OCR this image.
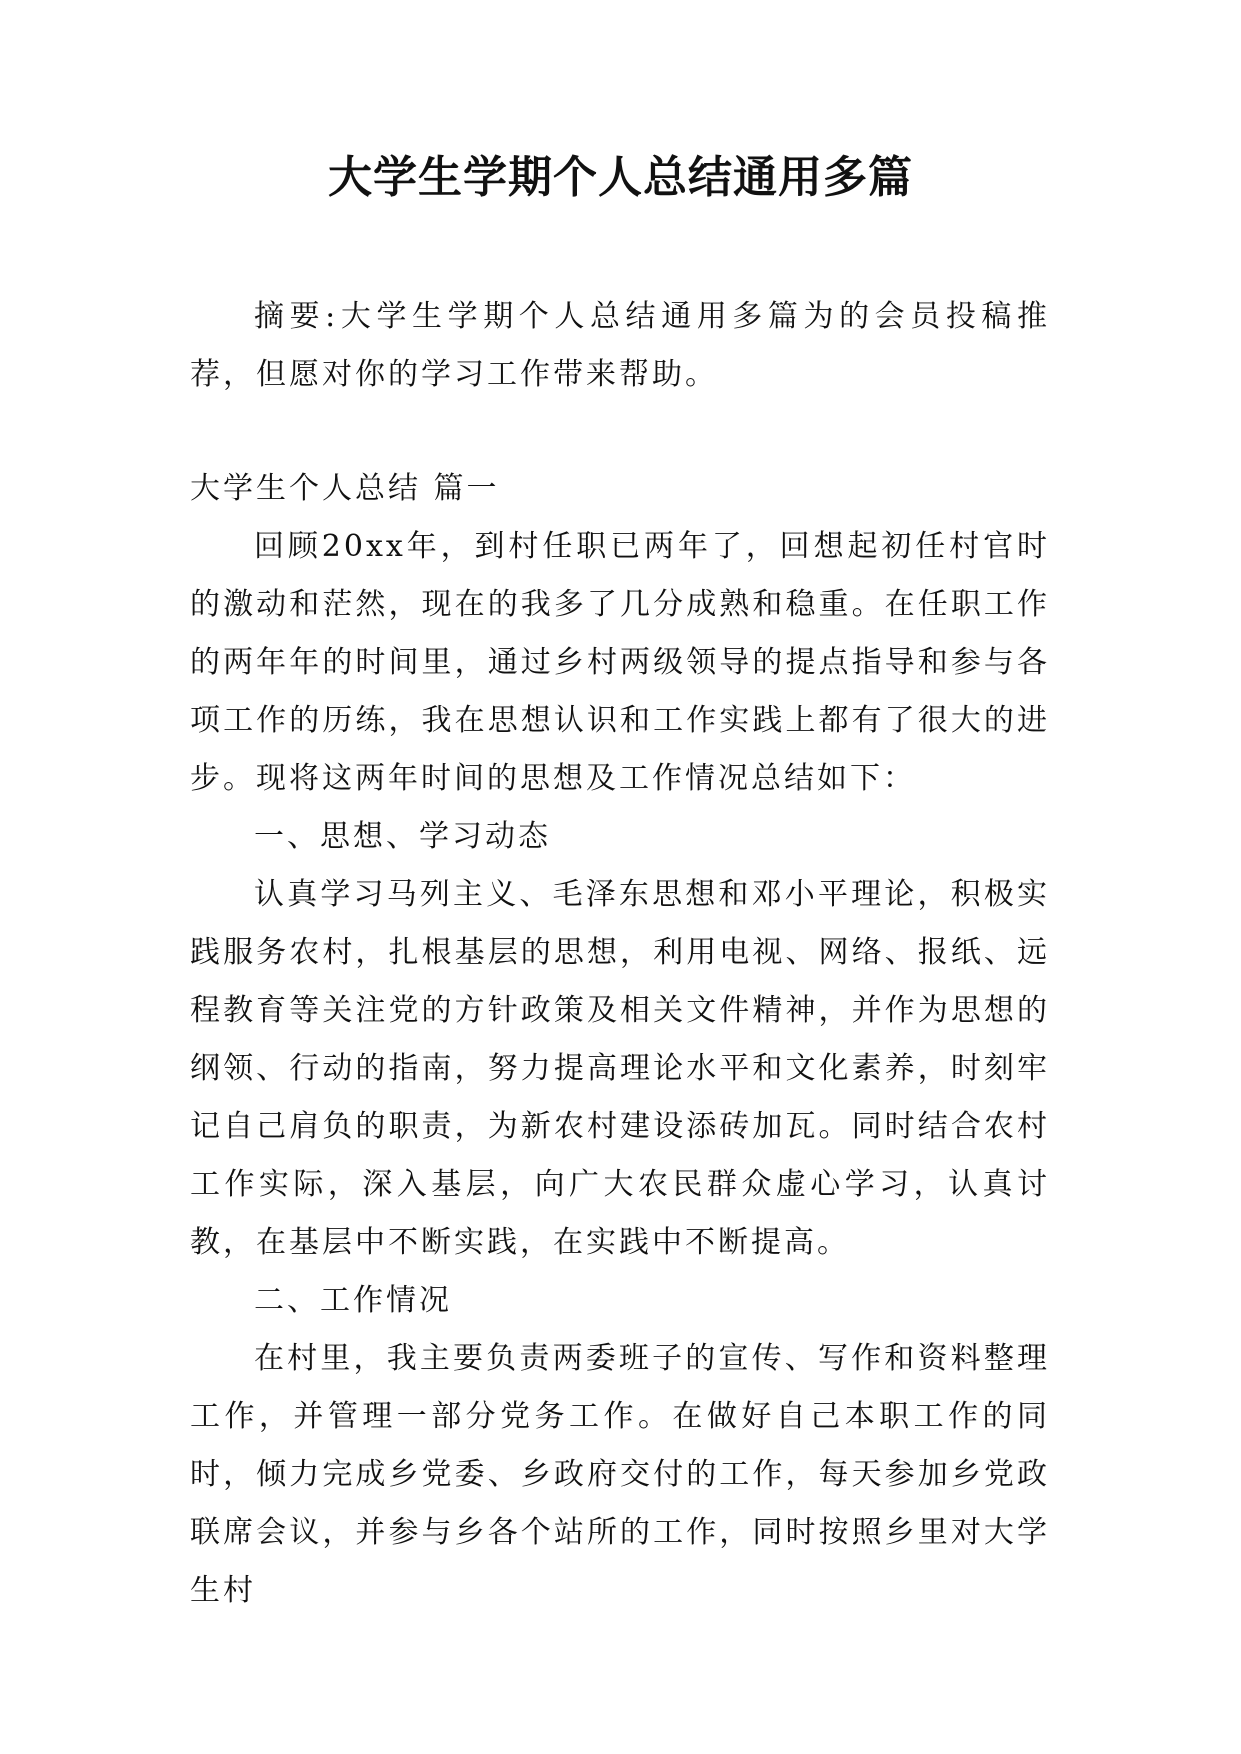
大学生学期个人总结通用多篇

摘要:大学生学期个人总结通用多篇为的会员投稿推荐，但愿对你的学习工作带来帮助。

大学生个人总结 篇一

回顾20xx年，到村任职已两年了，回想起初任村官时的激动和茫然，现在的我多了几分成熟和稳重。在任职工作的两年年的时间里，通过乡村两级领导的提点指导和参与各项工作的历练，我在思想认识和工作实践上都有了很大的进步。现将这两年时间的思想及工作情况总结如下：

一、思想、学习动态

认真学习马列主义、毛泽东思想和邓小平理论，积极实践服务农村，扎根基层的思想，利用电视、网络、报纸、远程教育等关注党的方针政策及相关文件精神，并作为思想的纲领、行动的指南，努力提高理论水平和文化素养，时刻牢记自己肩负的职责，为新农村建设添砖加瓦。同时结合农村工作实际，深入基层，向广大农民群众虚心学习，认真讨教，在基层中不断实践，在实践中不断提高。

二、工作情况

在村里，我主要负责两委班子的宣传、写作和资料整理工作，并管理一部分党务工作。在做好自己本职工作的同时，倾力完成乡党委、乡政府交付的工作，每天参加乡党政联席会议，并参与乡各个站所的工作，同时按照乡里对大学生村
